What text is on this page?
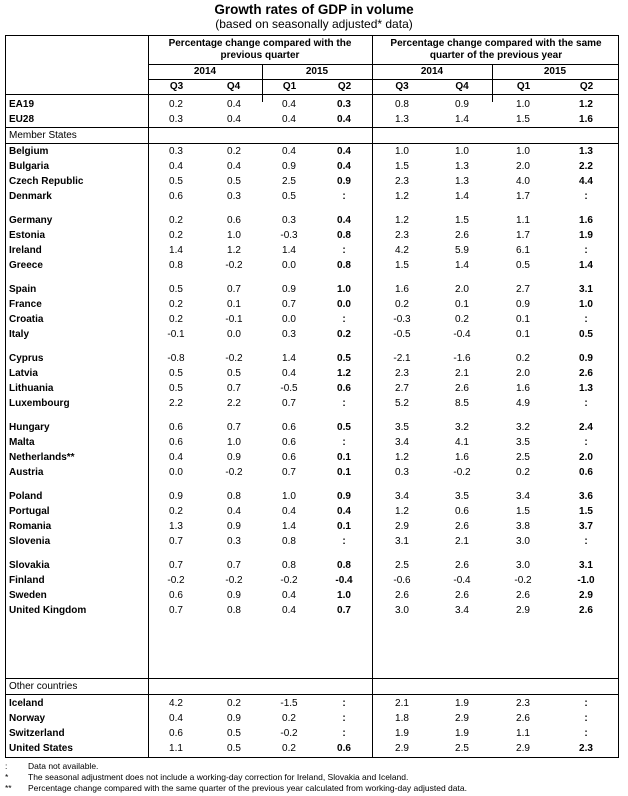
Growth rates of GDP in volume
(based on seasonally adjusted* data)
Percentage change compared with the previous quarter
Percentage change compared with the same quarter of the previous year
2014	2015	2014	2015
Q3	Q4	Q1	Q2	Q3	Q4	Q1	Q2
EA19	0.2	0.4	0.4	0.3	0.8	0.9	1.0	1.2
EU28	0.3	0.4	0.4	0.4	1.3	1.4	1.5	1.6
Member States
Belgium	0.3	0.2	0.4	0.4	1.0	1.0	1.0	1.3
Bulgaria	0.4	0.4	0.9	0.4	1.5	1.3	2.0	2.2
Czech Republic	0.5	0.5	2.5	0.9	2.3	1.3	4.0	4.4
Denmark	0.6	0.3	0.5	:	1.2	1.4	1.7	:
Germany	0.2	0.6	0.3	0.4	1.2	1.5	1.1	1.6
Estonia	0.2	1.0	-0.3	0.8	2.3	2.6	1.7	1.9
Ireland	1.4	1.2	1.4	:	4.2	5.9	6.1	:
Greece	0.8	-0.2	0.0	0.8	1.5	1.4	0.5	1.4
Spain	0.5	0.7	0.9	1.0	1.6	2.0	2.7	3.1
France	0.2	0.1	0.7	0.0	0.2	0.1	0.9	1.0
Croatia	0.2	-0.1	0.0	:	-0.3	0.2	0.1	:
Italy	-0.1	0.0	0.3	0.2	-0.5	-0.4	0.1	0.5
Cyprus	-0.8	-0.2	1.4	0.5	-2.1	-1.6	0.2	0.9
Latvia	0.5	0.5	0.4	1.2	2.3	2.1	2.0	2.6
Lithuania	0.5	0.7	-0.5	0.6	2.7	2.6	1.6	1.3
Luxembourg	2.2	2.2	0.7	:	5.2	8.5	4.9	:
Hungary	0.6	0.7	0.6	0.5	3.5	3.2	3.2	2.4
Malta	0.6	1.0	0.6	:	3.4	4.1	3.5	:
Netherlands**	0.4	0.9	0.6	0.1	1.2	1.6	2.5	2.0
Austria	0.0	-0.2	0.7	0.1	0.3	-0.2	0.2	0.6
Poland	0.9	0.8	1.0	0.9	3.4	3.5	3.4	3.6
Portugal	0.2	0.4	0.4	0.4	1.2	0.6	1.5	1.5
Romania	1.3	0.9	1.4	0.1	2.9	2.6	3.8	3.7
Slovenia	0.7	0.3	0.8	:	3.1	2.1	3.0	:
Slovakia	0.7	0.7	0.8	0.8	2.5	2.6	3.0	3.1
Finland	-0.2	-0.2	-0.2	-0.4	-0.6	-0.4	-0.2	-1.0
Sweden	0.6	0.9	0.4	1.0	2.6	2.6	2.6	2.9
United Kingdom	0.7	0.8	0.4	0.7	3.0	3.4	2.9	2.6
Other countries
Iceland	4.2	0.2	-1.5	:	2.1	1.9	2.3	:
Norway	0.4	0.9	0.2	:	1.8	2.9	2.6	:
Switzerland	0.6	0.5	-0.2	:	1.9	1.9	1.1	:
United States	1.1	0.5	0.2	0.6	2.9	2.5	2.9	2.3
: Data not available.
* The seasonal adjustment does not include a working-day correction for Ireland, Slovakia and Iceland.
** Percentage change compared with the same quarter of the previous year calculated from working-day adjusted data.
